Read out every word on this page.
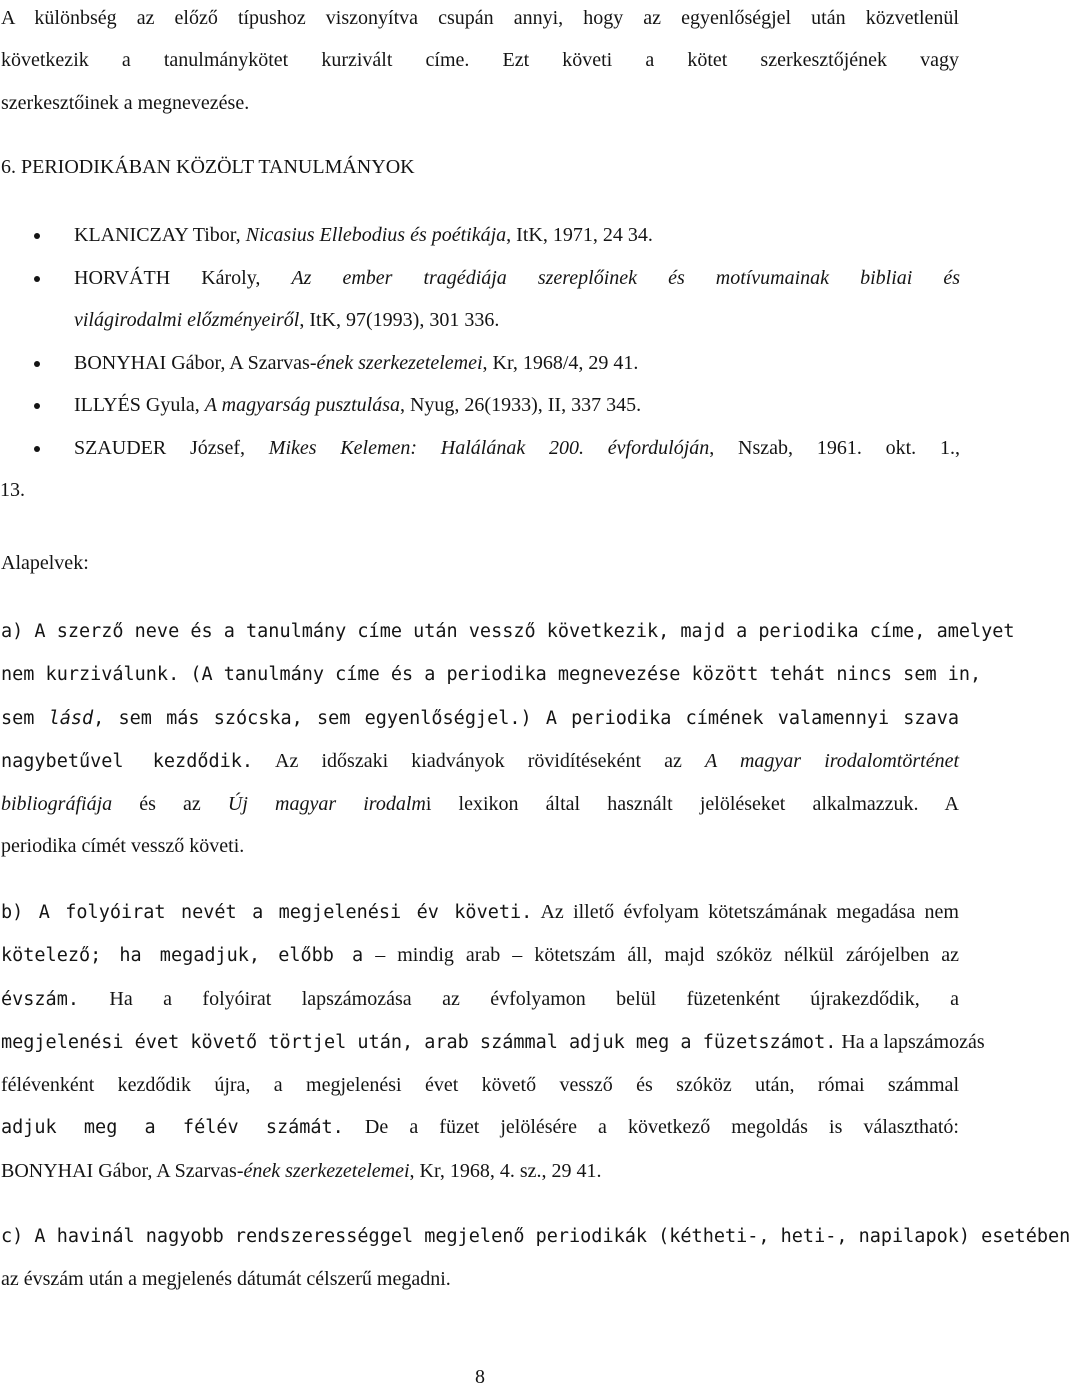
A különbség az előző típushoz viszonyítva csupán annyi, hogy az egyenlőségjel után közvetlenül
következik a tanulmánykötet kurzivált címe. Ezt követi a kötet szerkesztőjének vagy
szerkesztőinek a megnevezése.
6. PERIODIKÁBAN KÖZÖLT TANULMÁNYOK
KLANICZAY Tibor, Nicasius Ellebodius és poétikája, ItK, 1971, 24 34.
HORVÁTH Károly, Az ember tragédiája szereplőinek és motívumainak bibliai és
világirodalmi előzményeiről, ItK, 97(1993), 301 336.
BONYHAI Gábor, A Szarvas-ének szerkezetelemei, Kr, 1968/4, 29 41.
ILLYÉS Gyula, A magyarság pusztulása, Nyug, 26(1933), II, 337 345.
SZAUDER József, Mikes Kelemen: Halálának 200. évfordulóján, Nszab, 1961. okt. 1.,
13.
Alapelvek:
a) A szerző neve és a tanulmány címe után vessző következik, majd a periodika címe, amelyet
nem kurziválunk. (A tanulmány címe és a periodika megnevezése között tehát nincs sem in,
sem lásd, sem más szócska, sem egyenlőségjel.) A periodika címének valamennyi szava
nagybetűvel kezdődik. Az időszaki kiadványok rövidítéseként az A magyar irodalomtörténet
bibliográfiája és az Új magyar irodalmi lexikon által használt jelöléseket alkalmazzuk. A
periodika címét vessző követi.
b) A folyóirat nevét a megjelenési év követi. Az illető évfolyam kötetszámának megadása nem
kötelező; ha megadjuk, előbb a – mindig arab – kötetszám áll, majd szóköz nélkül zárójelben az
évszám. Ha a folyóirat lapszámozása az évfolyamon belül füzetenként újrakezdődik, a
megjelenési évet követő törtjel után, arab számmal adjuk meg a füzetszámot. Ha a lapszámozás
félévenként kezdődik újra, a megjelenési évet követő vessző és szóköz után, római számmal
adjuk meg a félév számát. De a füzet jelölésére a következő megoldás is választható:
BONYHAI Gábor, A Szarvas-ének szerkezetelemei, Kr, 1968, 4. sz., 29 41.
c) A havinál nagyobb rendszerességgel megjelenő periodikák (kétheti-, heti-, napilapok) esetében
az évszám után a megjelenés dátumát célszerű megadni.
8
